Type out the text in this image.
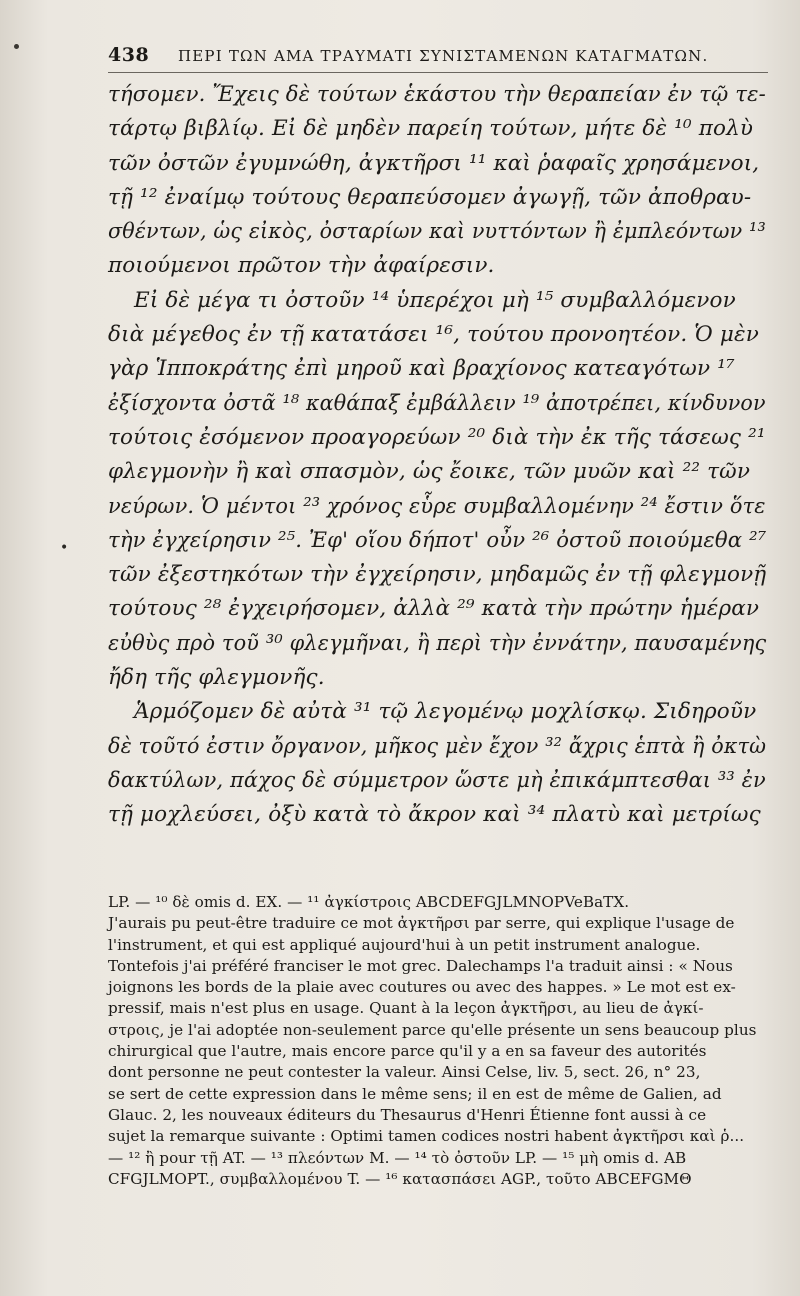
438 ΠΕΡΙ ΤΩΝ ΑΜΑ ΤΡΑΥΜΑΤΙ ΣΥΝΙΣΤΑΜΕΝΩΝ ΚΑΤΑΓΜΑΤΩΝ.
•
τήσομεν. Ἔχεις δὲ τούτων ἑκάστου τὴν θεραπείαν ἐν τῷ τε-
τάρτῳ βιβλίῳ. Εἰ δὲ μηδὲν παρείη τούτων, μήτε δὲ ¹⁰ πολὺ
τῶν ὀστῶν ἐγυμνώθη, ἀγκτῆρσι ¹¹ καὶ ῥαφαῖς χρησάμενοι,
τῇ ¹² ἐναίμῳ τούτους θεραπεύσομεν ἀγωγῇ, τῶν ἀποθραυ-
σθέντων, ὡς εἰκὸς, ὀσταρίων καὶ νυττόντων ἢ ἐμπλεόντων ¹³
ποιούμενοι πρῶτον τὴν ἀφαίρεσιν.
Εἰ δὲ μέγα τι ὀστοῦν ¹⁴ ὑπερέχοι μὴ ¹⁵ συμβαλλόμενον
διὰ μέγεθος ἐν τῇ κατατάσει ¹⁶, τούτου προνοητέον. Ὁ μὲν
γὰρ Ἱπποκράτης ἐπὶ μηροῦ καὶ βραχίονος κατεαγότων ¹⁷
ἐξίσχοντα ὀστᾶ ¹⁸ καθάπαξ ἐμβάλλειν ¹⁹ ἀποτρέπει, κίνδυνον
τούτοις ἐσόμενον προαγορεύων ²⁰ διὰ τὴν ἐκ τῆς τάσεως ²¹
φλεγμονὴν ἢ καὶ σπασμὸν, ὡς ἔοικε, τῶν μυῶν καὶ ²² τῶν
νεύρων. Ὁ μέντοι ²³ χρόνος εὗρε συμβαλλομένην ²⁴ ἔστιν ὅτε
τὴν ἐγχείρησιν ²⁵. Ἐφ' οἵου δήποτ' οὖν ²⁶ ὀστοῦ ποιούμεθα ²⁷
τῶν ἐξεστηκότων τὴν ἐγχείρησιν, μηδαμῶς ἐν τῇ φλεγμονῇ
τούτους ²⁸ ἐγχειρήσομεν, ἀλλὰ ²⁹ κατὰ τὴν πρώτην ἡμέραν
εὐθὺς πρὸ τοῦ ³⁰ φλεγμῆναι, ἢ περὶ τὴν ἐννάτην, παυσαμένης
ἤδη τῆς φλεγμονῆς.
Ἁρμόζομεν δὲ αὐτὰ ³¹ τῷ λεγομένῳ μοχλίσκῳ. Σιδηροῦν
δὲ τοῦτό ἐστιν ὄργανον, μῆκος μὲν ἔχον ³² ἄχρις ἑπτὰ ἢ ὀκτὼ
δακτύλων, πάχος δὲ σύμμετρον ὥστε μὴ ἐπικάμπτεσθαι ³³ ἐν
τῇ μοχλεύσει, ὀξὺ κατὰ τὸ ἄκρον καὶ ³⁴ πλατὺ καὶ μετρίως
LP. — ¹⁰ δὲ omis d. EX. — ¹¹ ἀγκίστροις ABCDEFGJLMNOPVeBaTX.
J'aurais pu peut-être traduire ce mot ἀγκτῆρσι par serre, qui explique l'usage de
l'instrument, et qui est appliqué aujourd'hui à un petit instrument analogue.
Tontefois j'ai préféré franciser le mot grec. Dalechamps l'a traduit ainsi : « Nous
joignons les bords de la plaie avec coutures ou avec des happes. » Le mot est ex-
pressif, mais n'est plus en usage. Quant à la leçon ἀγκτῆρσι, au lieu de ἀγκί-
στροις, je l'ai adoptée non-seulement parce qu'elle présente un sens beaucoup plus
chirurgical que l'autre, mais encore parce qu'il y a en sa faveur des autorités
dont personne ne peut contester la valeur. Ainsi Celse, liv. 5, sect. 26, n° 23,
se sert de cette expression dans le même sens; il en est de même de Galien, ad
Glauc. 2, les nouveaux éditeurs du Thesaurus d'Henri Étienne font aussi à ce
sujet la remarque suivante : Optimi tamen codices nostri habent ἀγκτῆρσι καὶ ῥ...
— ¹² ἢ pour τῇ AT. — ¹³ πλεόντων M. — ¹⁴ τὸ ὀστοῦν LP. — ¹⁵ μὴ omis d. AB
CFGJLMOPT., συμβαλλομένου T. — ¹⁶ κατασπάσει AGP., τοῦτο ABCEFGMΘ
